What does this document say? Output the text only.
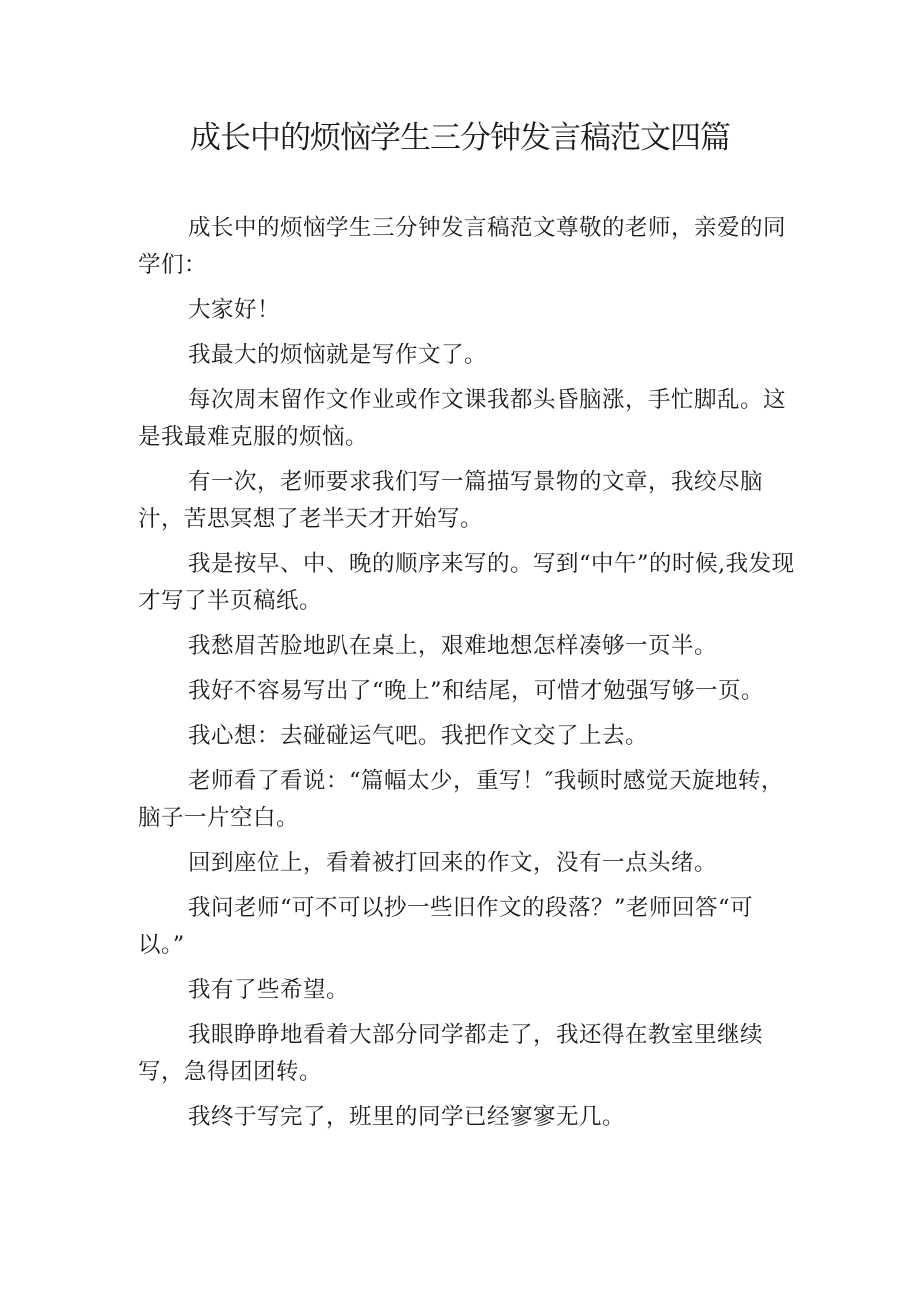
成长中的烦恼学生三分钟发言稿范文四篇

成长中的烦恼学生三分钟发言稿范文尊敬的老师，亲爱的同学们：

大家好！

我最大的烦恼就是写作文了。

每次周末留作文作业或作文课我都头昏脑涨，手忙脚乱。这是我最难克服的烦恼。

有一次，老师要求我们写一篇描写景物的文章，我绞尽脑汁，苦思冥想了老半天才开始写。

我是按早、中、晚的顺序来写的。写到“中午”的时候,我发现才写了半页稿纸。

我愁眉苦脸地趴在桌上，艰难地想怎样凑够一页半。

我好不容易写出了“晚上”和结尾，可惜才勉强写够一页。

我心想：去碰碰运气吧。我把作文交了上去。

老师看了看说：“篇幅太少，重写！″我顿时感觉天旋地转，脑子一片空白。

回到座位上，看着被打回来的作文，没有一点头绪。

我问老师“可不可以抄一些旧作文的段落？”老师回答“可以。”

我有了些希望。

我眼睁睁地看着大部分同学都走了，我还得在教室里继续写，急得团团转。

我终于写完了，班里的同学已经寥寥无几。
